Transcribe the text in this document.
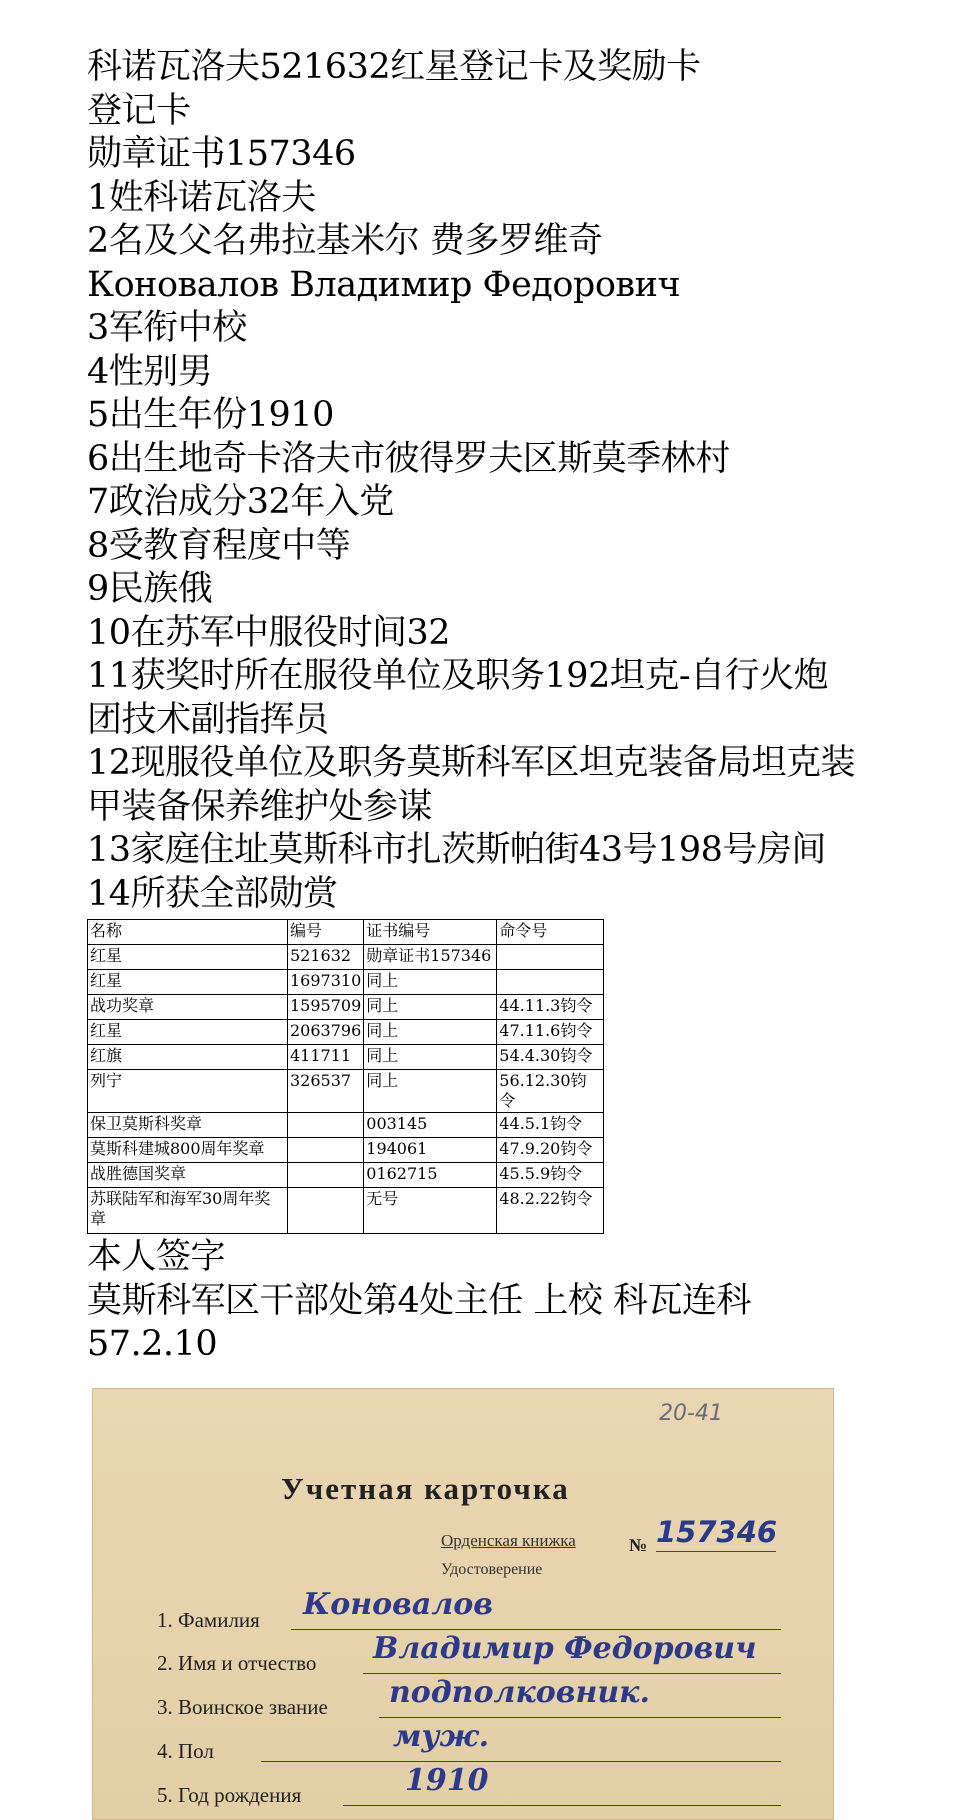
科诺瓦洛夫521632红星登记卡及奖励卡
登记卡
勋章证书157346
1姓科诺瓦洛夫
2名及父名弗拉基米尔 费多罗维奇
Коновалов Владимир Федорович
3军衔中校
4性别男
5出生年份1910
6出生地奇卡洛夫市彼得罗夫区斯莫季林村
7政治成分32年入党
8受教育程度中等
9民族俄
10在苏军中服役时间32
11获奖时所在服役单位及职务192坦克-自行火炮团技术副指挥员
12现服役单位及职务莫斯科军区坦克装备局坦克装甲装备保养维护处参谋
13家庭住址莫斯科市扎茨斯帕街43号198号房间
14所获全部勋赏
名称	编号	证书编号	命令号
红星	521632	勋章证书157346	
红星	1697310	同上	
战功奖章	1595709	同上	44.11.3钧令
红星	2063796	同上	47.11.6钧令
红旗	411711	同上	54.4.30钧令
列宁	326537	同上	56.12.30钧令
保卫莫斯科奖章		003145	44.5.1钧令
莫斯科建城800周年奖章		194061	47.9.20钧令
战胜德国奖章		0162715	45.5.9钧令
苏联陆军和海军30周年奖章		无号	48.2.22钧令
本人签字
莫斯科军区干部处第4处主任 上校 科瓦连科
57.2.10
20-41
Учетная карточка
Орденская книжка
Удостоверение
№ 157346
1. Фамилия Коновалов
2. Имя и отчество Владимир Федорович
3. Воинское звание подполковник.
4. Пол	муж.
5. Год рождения	1910
